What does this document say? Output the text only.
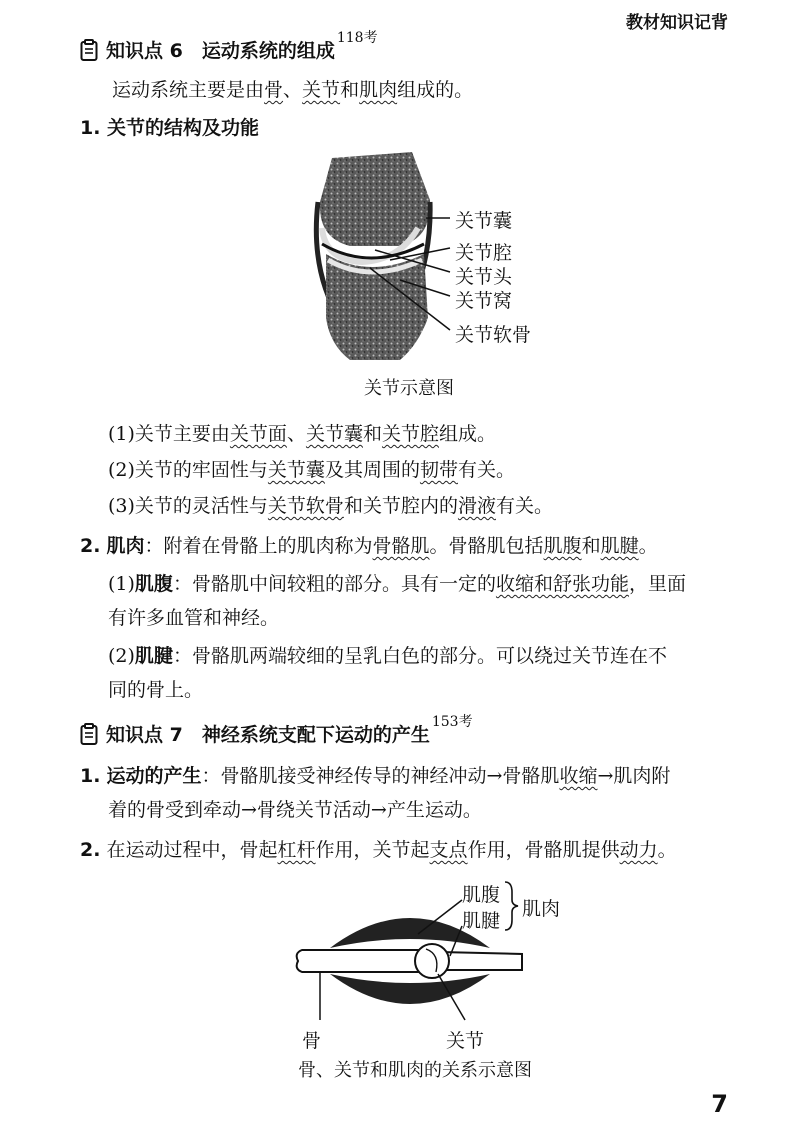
教材知识记背
知识点 6　运动系统的组成
118考
运动系统主要是由骨、关节和肌肉组成的。
1. 关节的结构及功能
关节囊
关节腔
关节头
关节窝
关节软骨
关节示意图
(1)关节主要由关节面、关节囊和关节腔组成。
(2)关节的牢固性与关节囊及其周围的韧带有关。
(3)关节的灵活性与关节软骨和关节腔内的滑液有关。
2. 肌肉：附着在骨骼上的肌肉称为骨骼肌。骨骼肌包括肌腹和肌腱。
(1)肌腹：骨骼肌中间较粗的部分。具有一定的收缩和舒张功能，里面
有许多血管和神经。
(2)肌腱：骨骼肌两端较细的呈乳白色的部分。可以绕过关节连在不
同的骨上。
知识点 7　神经系统支配下运动的产生
153考
1. 运动的产生：骨骼肌接受神经传导的神经冲动→骨骼肌收缩→肌肉附
着的骨受到牵动→骨绕关节活动→产生运动。
2. 在运动过程中，骨起杠杆作用，关节起支点作用，骨骼肌提供动力。
肌腹
肌腱
肌肉
骨	关节
骨、关节和肌肉的关系示意图
7
